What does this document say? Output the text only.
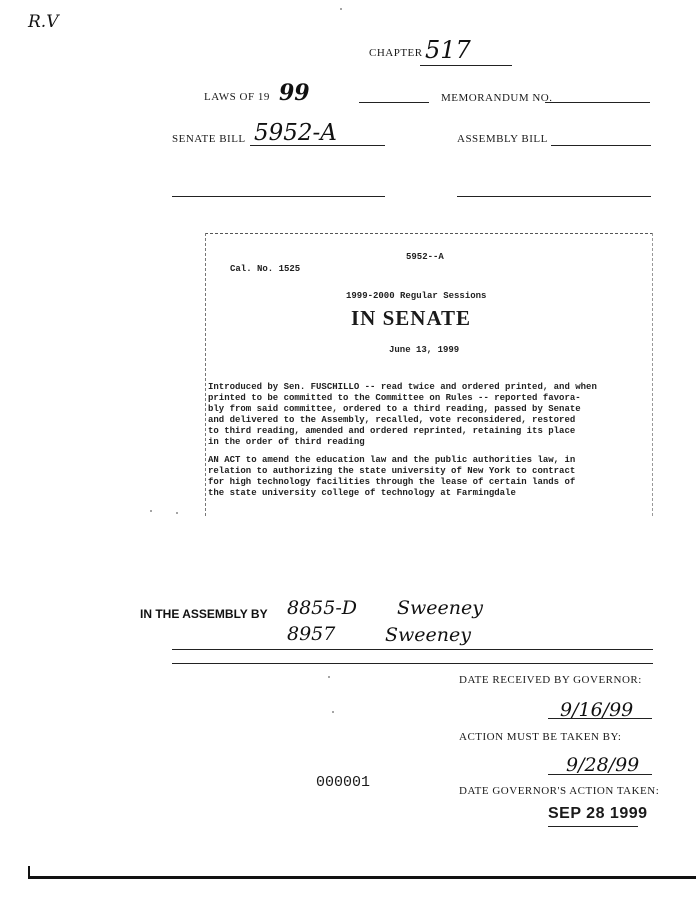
R.V
CHAPTER 517
LAWS OF 19 99	MEMORANDUM NO.
SENATE BILL 5952-A	ASSEMBLY BILL
5952--A
Cal. No. 1525
1999-2000 Regular Sessions
IN SENATE
June 13, 1999
Introduced by Sen. FUSCHILLO -- read twice and ordered printed, and when
printed to be committed to the Committee on Rules -- reported favora-
bly from said committee, ordered to a third reading, passed by Senate
and delivered to the Assembly, recalled, vote reconsidered, restored
to third reading, amended and ordered reprinted, retaining its place
in the order of third reading
AN ACT to amend the education law and the public authorities law, in
relation to authorizing the state university of New York to contract
for high technology facilities through the lease of certain lands of
the state university college of technology at Farmingdale
IN THE ASSEMBLY BY 8855-D Sweeney
8957	Sweeney
DATE RECEIVED BY GOVERNOR:
9/16/99
ACTION MUST BE TAKEN BY:
9/28/99
000001	DATE GOVERNOR'S ACTION TAKEN:
SEP 28 1999
